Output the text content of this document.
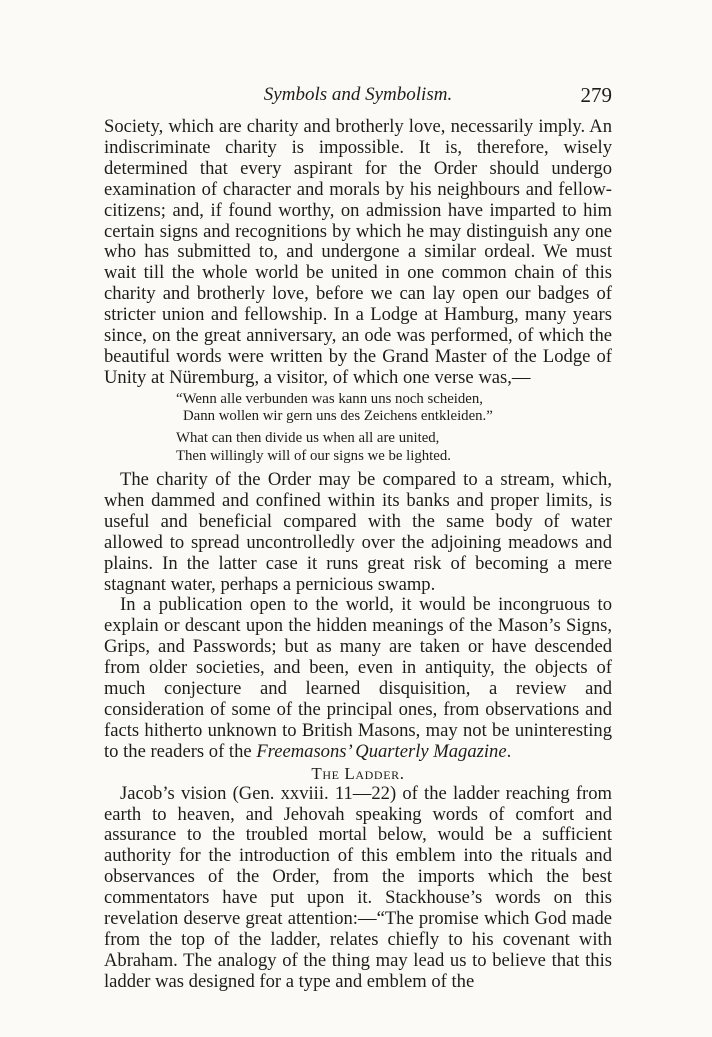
Symbols and Symbolism.	279

Society, which are charity and brotherly love, necessarily imply. An indiscriminate charity is impossible. It is, therefore, wisely determined that every aspirant for the Order should undergo examination of character and morals by his neighbours and fellow-citizens; and, if found worthy, on admission have imparted to him certain signs and recognitions by which he may distinguish any one who has submitted to, and undergone a similar ordeal. We must wait till the whole world be united in one common chain of this charity and brotherly love, before we can lay open our badges of stricter union and fellowship. In a Lodge at Hamburg, many years since, on the great anniversary, an ode was performed, of which the beautiful words were written by the Grand Master of the Lodge of Unity at Nüremburg, a visitor, of which one verse was,—

“Wenn alle verbunden was kann uns noch scheiden,
Dann wollen wir gern uns des Zeichens entkleiden.”
What can then divide us when all are united,
Then willingly will of our signs we be lighted.

The charity of the Order may be compared to a stream, which, when dammed and confined within its banks and proper limits, is useful and beneficial compared with the same body of water allowed to spread uncontrolledly over the adjoining meadows and plains. In the latter case it runs great risk of becoming a mere stagnant water, perhaps a pernicious swamp.

In a publication open to the world, it would be incongruous to explain or descant upon the hidden meanings of the Mason’s Signs, Grips, and Passwords; but as many are taken or have descended from older societies, and been, even in antiquity, the objects of much conjecture and learned disquisition, a review and consideration of some of the principal ones, from observations and facts hitherto unknown to British Masons, may not be uninteresting to the readers of the Freemasons’ Quarterly Magazine.

The Ladder.

Jacob’s vision (Gen. xxviii. 11—22) of the ladder reaching from earth to heaven, and Jehovah speaking words of comfort and assurance to the troubled mortal below, would be a sufficient authority for the introduction of this emblem into the rituals and observances of the Order, from the imports which the best commentators have put upon it. Stackhouse’s words on this revelation deserve great attention:—“The promise which God made from the top of the ladder, relates chiefly to his covenant with Abraham. The analogy of the thing may lead us to believe that this ladder was designed for a type and emblem of the
